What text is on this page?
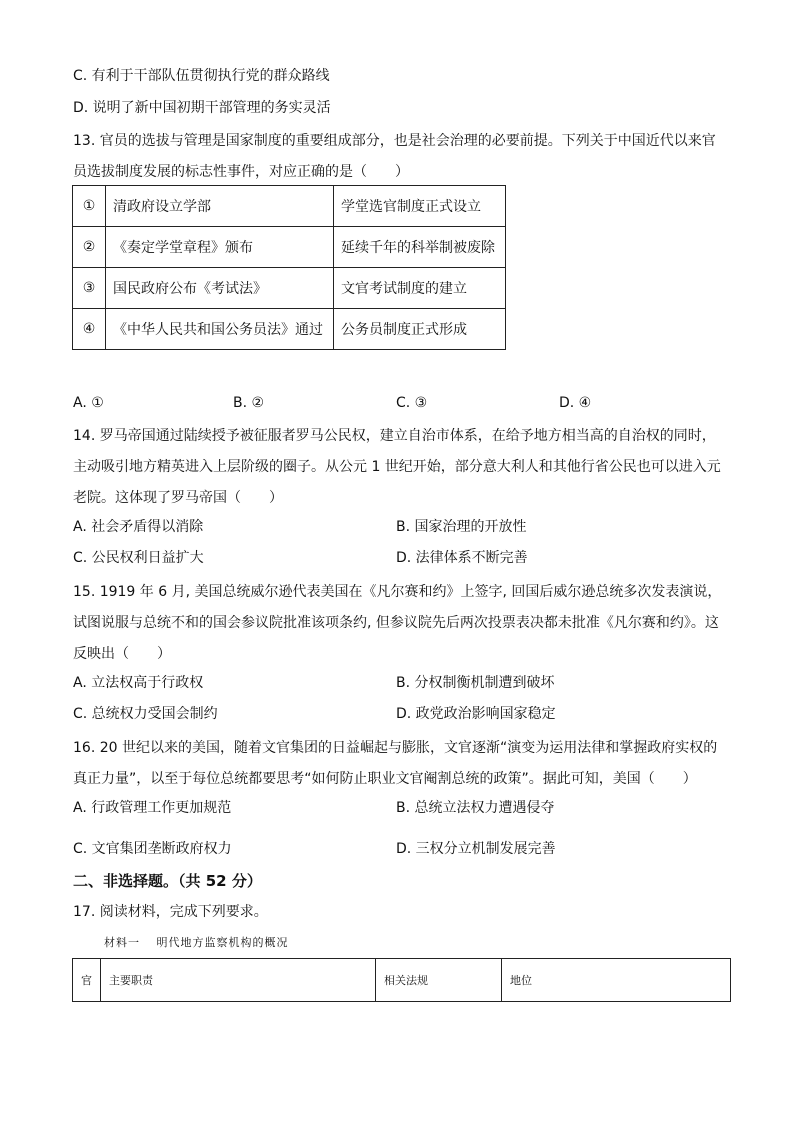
C. 有利于干部队伍贯彻执行党的群众路线
D. 说明了新中国初期干部管理的务实灵活
13. 官员的选拔与管理是国家制度的重要组成部分，也是社会治理的必要前提。下列关于中国近代以来官员选拔制度发展的标志性事件，对应正确的是（　　）
①	清政府设立学部	学堂选官制度正式设立
②	《奏定学堂章程》颁布	延续千年的科举制被废除
③	国民政府公布《考试法》	文官考试制度的建立
④	《中华人民共和国公务员法》通过	公务员制度正式形成
A. ①	B. ②	C. ③	D. ④
14. 罗马帝国通过陆续授予被征服者罗马公民权，建立自治市体系，在给予地方相当高的自治权的同时，主动吸引地方精英进入上层阶级的圈子。从公元 1 世纪开始，部分意大利人和其他行省公民也可以进入元老院。这体现了罗马帝国（　　）
A. 社会矛盾得以消除	B. 国家治理的开放性
C. 公民权利日益扩大	D. 法律体系不断完善
15. 1919 年 6 月, 美国总统威尔逊代表美国在《凡尔赛和约》上签字, 回国后威尔逊总统多次发表演说，试图说服与总统不和的国会参议院批准该项条约, 但参议院先后两次投票表决都未批准《凡尔赛和约》。这反映出（　　）
A. 立法权高于行政权	B. 分权制衡机制遭到破坏
C. 总统权力受国会制约	D. 政党政治影响国家稳定
16. 20 世纪以来的美国，随着文官集团的日益崛起与膨胀，文官逐渐“演变为运用法律和掌握政府实权的真正力量”，以至于每位总统都要思考“如何防止职业文官阉割总统的政策”。据此可知，美国（　　）
A. 行政管理工作更加规范	B. 总统立法权力遭遇侵夺
C. 文官集团垄断政府权力	D. 三权分立机制发展完善
二、非选择题。（共 52 分）
17. 阅读材料，完成下列要求。
材料一　 明代地方监察机构的概况
官	主要职责	相关法规	地位
